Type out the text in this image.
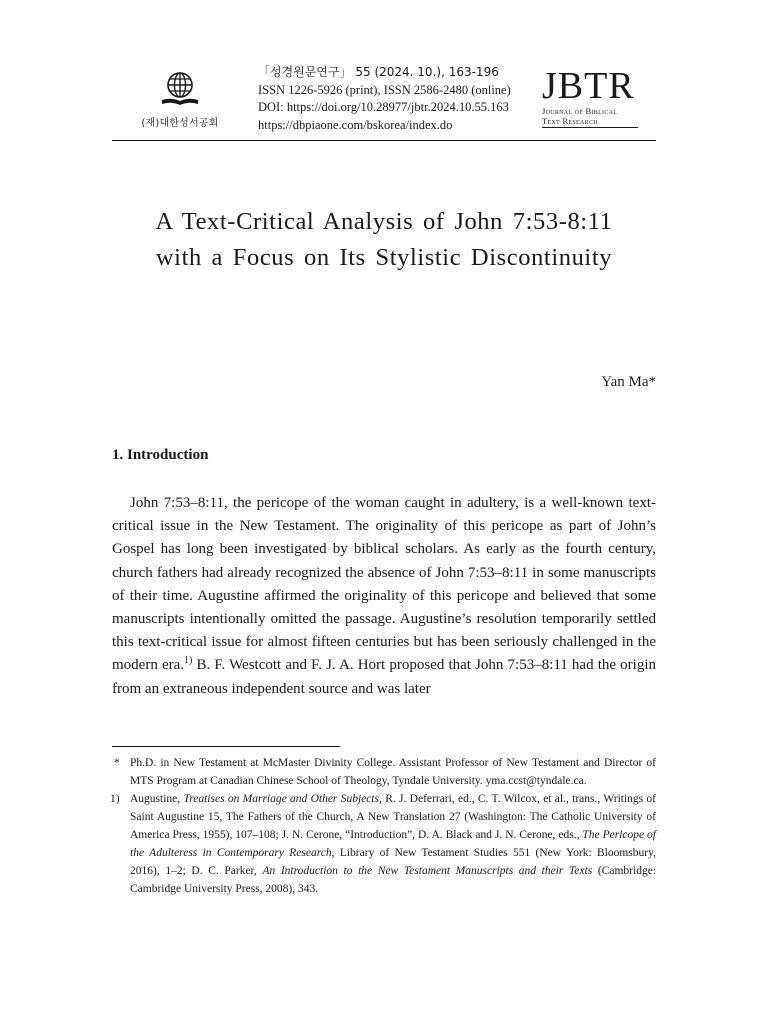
(재)대한성서공회
「성경원문연구」 55 (2024. 10.), 163-196
ISSN 1226-5926 (print), ISSN 2586-2480 (online)
DOI: https://doi.org/10.28977/jbtr.2024.10.55.163
https://dbpiaone.com/bskorea/index.do
JBTR
Journal of Biblical
Text Research
A Text-Critical Analysis of John 7:53-8:11
with a Focus on Its Stylistic Discontinuity
Yan Ma*
1. Introduction

John 7:53–8:11, the pericope of the woman caught in adultery, is a well-known text-critical issue in the New Testament. The originality of this pericope as part of John’s Gospel has long been investigated by biblical scholars. As early as the fourth century, church fathers had already recognized the absence of John 7:53–8:11 in some manuscripts of their time. Augustine affirmed the originality of this pericope and believed that some manuscripts intentionally omitted the passage. Augustine’s resolution temporarily settled this text-critical issue for almost fifteen centuries but has been seriously challenged in the modern era.$^{1)}$ B. F. Westcott and F. J. A. Hort proposed that John 7:53–8:11 had the origin from an extraneous independent source and was later

* Ph.D. in New Testament at McMaster Divinity College. Assistant Professor of New Testament and Director of MTS Program at Canadian Chinese School of Theology, Tyndale University. yma.ccst@tyndale.ca.
1) Augustine, Treatises on Marriage and Other Subjects, R. J. Deferrari, ed., C. T. Wilcox, et al., trans., Writings of Saint Augustine 15, The Fathers of the Church, A New Translation 27 (Washington: The Catholic University of America Press, 1955), 107–108; J. N. Cerone, “Introduction”, D. A. Black and J. N. Cerone, eds., The Pericope of the Adulteress in Contemporary Research, Library of New Testament Studies 551 (New York: Bloomsbury, 2016), 1–2; D. C. Parker, An Introduction to the New Testament Manuscripts and their Texts (Cambridge: Cambridge University Press, 2008), 343.
